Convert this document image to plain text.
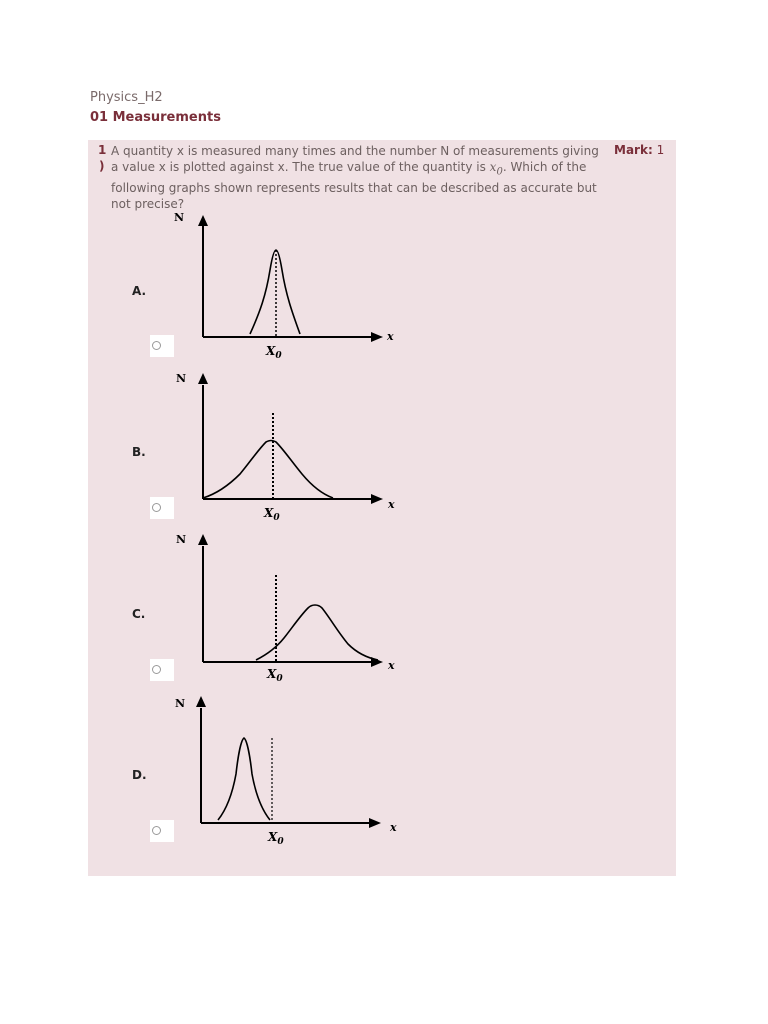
Physics_H2
01 Measurements
1
)
A quantity x is measured many times and the number N of measurements giving a value x is plotted against x. The true value of the quantity is $x_0$. Which of the following graphs shown represents results that can be described as accurate but not precise?
Mark: 1
A.
N
x
$X_0$
B.
N
x
$X_0$
C.
N
x
$X_0$
D.
N
x
$X_0$
